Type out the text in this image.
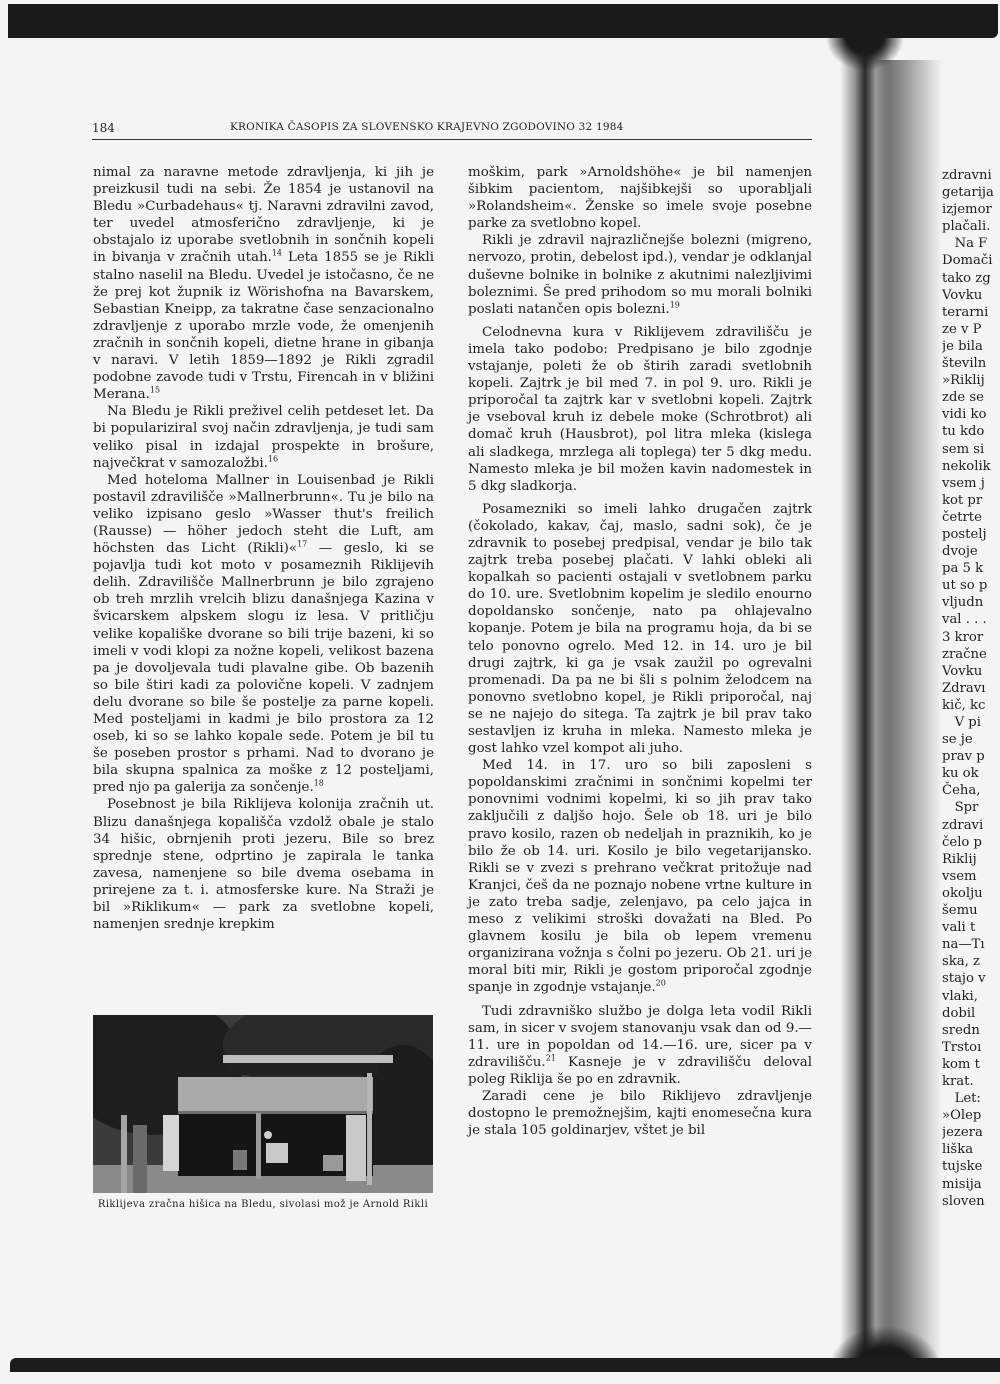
184	KRONIKA ČASOPIS ZA SLOVENSKO KRAJEVNO ZGODOVINO 32 1984

nimal za naravne metode zdravljenja, ki jih je preizkusil tudi na sebi. Že 1854 je ustanovil na Bledu »Curbadehaus« tj. Naravni zdravilni zavod, ter uvedel atmosferično zdravljenje, ki je obstajalo iz uporabe svetlobnih in sončnih kopeli in bivanja v zračnih utah.$^{14}$ Leta 1855 se je Rikli stalno naselil na Bledu. Uvedel je istočasno, če ne že prej kot župnik iz Wörishofna na Bavarskem, Sebastian Kneipp, za takratne čase senzacionalno zdravljenje z uporabo mrzle vode, že omenjenih zračnih in sončnih kopeli, dietne hrane in gibanja v naravi. V letih 1859—1892 je Rikli zgradil podobne zavode tudi v Trstu, Firencah in v bližini Merana.$^{15}$

Na Bledu je Rikli preživel celih petdeset let. Da bi populariziral svoj način zdravljenja, je tudi sam veliko pisal in izdajal prospekte in brošure, največkrat v samozaložbi.$^{16}$

Med hoteloma Mallner in Louisenbad je Rikli postavil zdravilišče »Mallnerbrunn«. Tu je bilo na veliko izpisano geslo »Wasser thut's freilich (Rausse) — höher jedoch steht die Luft, am höchsten das Licht (Rikli)«$^{17}$ — geslo, ki se pojavlja tudi kot moto v posameznih Riklijevih delih. Zdravilišče Mallnerbrunn je bilo zgrajeno ob treh mrzlih vrelcih blizu današnjega Kazina v švicarskem alpskem slogu iz lesa. V pritličju velike kopališke dvorane so bili trije bazeni, ki so imeli v vodi klopi za nožne kopeli, velikost bazena pa je dovoljevala tudi plavalne gibe. Ob bazenih so bile štiri kadi za polovične kopeli. V zadnjem delu dvorane so bile še postelje za parne kopeli. Med posteljami in kadmi je bilo prostora za 12 oseb, ki so se lahko kopale sede. Potem je bil tu še poseben prostor s prhami. Nad to dvorano je bila skupna spalnica za moške z 12 posteljami, pred njo pa galerija za sončenje.$^{18}$

Posebnost je bila Riklijeva kolonija zračnih ut. Blizu današnjega kopališča vzdolž obale je stalo 34 hišic, obrnjenih proti jezeru. Bile so brez sprednje stene, odprtino je zapirala le tanka zavesa, namenjene so bile dvema osebama in prirejene za t. i. atmosferske kure. Na Straži je bil »Riklikum« — park za svetlobne kopeli, namenjen srednje krepkim

Riklijeva zračna hišica na Bledu, sivolasi mož je Arnold Rikli

moškim, park »Arnoldshöhe« je bil namenjen šibkim pacientom, najšibkejši so uporabljali »Rolandsheim«. Ženske so imele svoje posebne parke za svetlobno kopel.

Rikli je zdravil najrazličnejše bolezni (migreno, nervozo, protin, debelost ipd.), vendar je odklanjal duševne bolnike in bolnike z akutnimi nalezljivimi boleznimi. Še pred prihodom so mu morali bolniki poslati natančen opis bolezni.$^{19}$

Celodnevna kura v Riklijevem zdravilišču je imela tako podobo: Predpisano je bilo zgodnje vstajanje, poleti že ob štirih zaradi svetlobnih kopeli. Zajtrk je bil med 7. in pol 9. uro. Rikli je priporočal ta zajtrk kar v svetlobni kopeli. Zajtrk je vseboval kruh iz debele moke (Schrotbrot) ali domač kruh (Hausbrot), pol litra mleka (kislega ali sladkega, mrzlega ali toplega) ter 5 dkg medu. Namesto mleka je bil možen kavin nadomestek in 5 dkg sladkorja.

Posamezniki so imeli lahko drugačen zajtrk (čokolado, kakav, čaj, maslo, sadni sok), če je zdravnik to posebej predpisal, vendar je bilo tak zajtrk treba posebej plačati. V lahki obleki ali kopalkah so pacienti ostajali v svetlobnem parku do 10. ure. Svetlobnim kopelim je sledilo enourno dopoldansko sončenje, nato pa ohlajevalno kopanje. Potem je bila na programu hoja, da bi se telo ponovno ogrelo. Med 12. in 14. uro je bil drugi zajtrk, ki ga je vsak zaužil po ogrevalni promenadi. Da pa ne bi šli s polnim želodcem na ponovno svetlobno kopel, je Rikli priporočal, naj se ne najejo do sitega. Ta zajtrk je bil prav tako sestavljen iz kruha in mleka. Namesto mleka je gost lahko vzel kompot ali juho.

Med 14. in 17. uro so bili zaposleni s popoldanskimi zračnimi in sončnimi kopelmi ter ponovnimi vodnimi kopelmi, ki so jih prav tako zaključili z daljšo hojo. Šele ob 18. uri je bilo pravo kosilo, razen ob nedeljah in praznikih, ko je bilo že ob 14. uri. Kosilo je bilo vegetarijansko. Rikli se v zvezi s prehrano večkrat pritožuje nad Kranjci, češ da ne poznajo nobene vrtne kulture in je zato treba sadje, zelenjavo, pa celo jajca in meso z velikimi stroški dovažati na Bled. Po glavnem kosilu je bila ob lepem vremenu organizirana vožnja s čolni po jezeru. Ob 21. uri je moral biti mir, Rikli je gostom priporočal zgodnje spanje in zgodnje vstajanje.$^{20}$

Tudi zdravniško službo je dolga leta vodil Rikli sam, in sicer v svojem stanovanju vsak dan od 9.—11. ure in popoldan od 14.—16. ure, sicer pa v zdravilišču.$^{21}$ Kasneje je v zdravilišču deloval poleg Riklija še po en zdravnik.

Zaradi cene je bilo Riklijevo zdravljenje dostopno le premožnejšim, kajti enomesečna kura je stala 105 goldinarjev, vštet je bil

zdravni

getarija

izjemor

plačali.

Na F

Domači

tako zg

Vovku

terarni

ze v P

je bila

številn

»Riklij

zde se

vidi ko

tu kdo

sem si

nekolik

vsem j

kot pr

četrte

postelj

dvoje

pa 5 k

ut so p

vljudn

val . . .

3 kror

zračne

Vovku

Zdravı

kič, kc

V pi

se je

prav p

ku ok

Čeha,

Spr

zdravi

čelo p

Riklij

vsem

okolju

šemu

vali t

na—Tı

ska, z

stajo v

vlaki,

dobil

sredn

Trstoı

kom t

krat.

Let:

»Olep

jezera

liška

tujske

misija

sloven
